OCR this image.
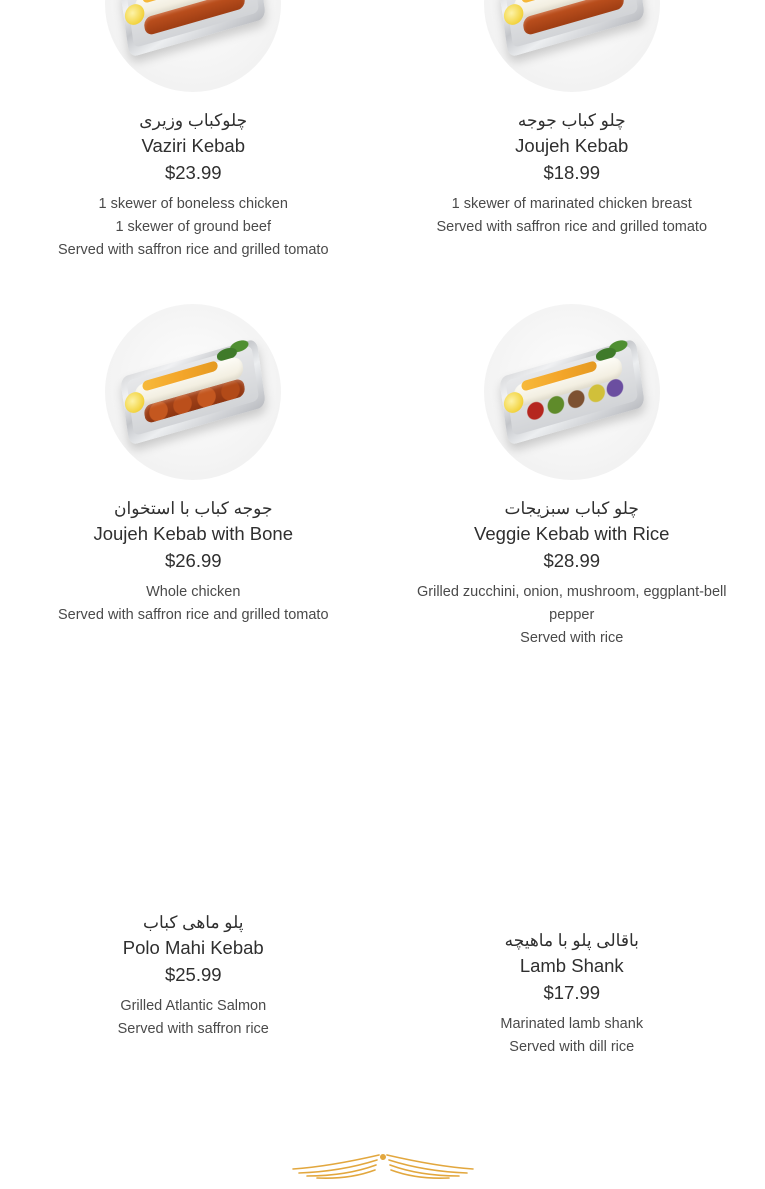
چلوکباب وزیری
Vaziri Kebab
$23.99
1 skewer of boneless chicken
1 skewer of ground beef
Served with saffron rice and grilled tomato
چلو کباب جوجه
Joujeh Kebab
$18.99
1 skewer of marinated chicken breast
Served with saffron rice and grilled tomato
جوجه کباب با استخوان
Joujeh Kebab with Bone
$26.99
Whole chicken
Served with saffron rice and grilled tomato
چلو کباب سبزیجات
Veggie Kebab with Rice
$28.99
Grilled zucchini, onion, mushroom, eggplant-bell pepper
Served with rice
پلو ماهی کباب
Polo Mahi Kebab
$25.99
Grilled Atlantic Salmon
Served with saffron rice
باقالی پلو با ماهیچه
Lamb Shank
$17.99
Marinated lamb shank
Served with dill rice
